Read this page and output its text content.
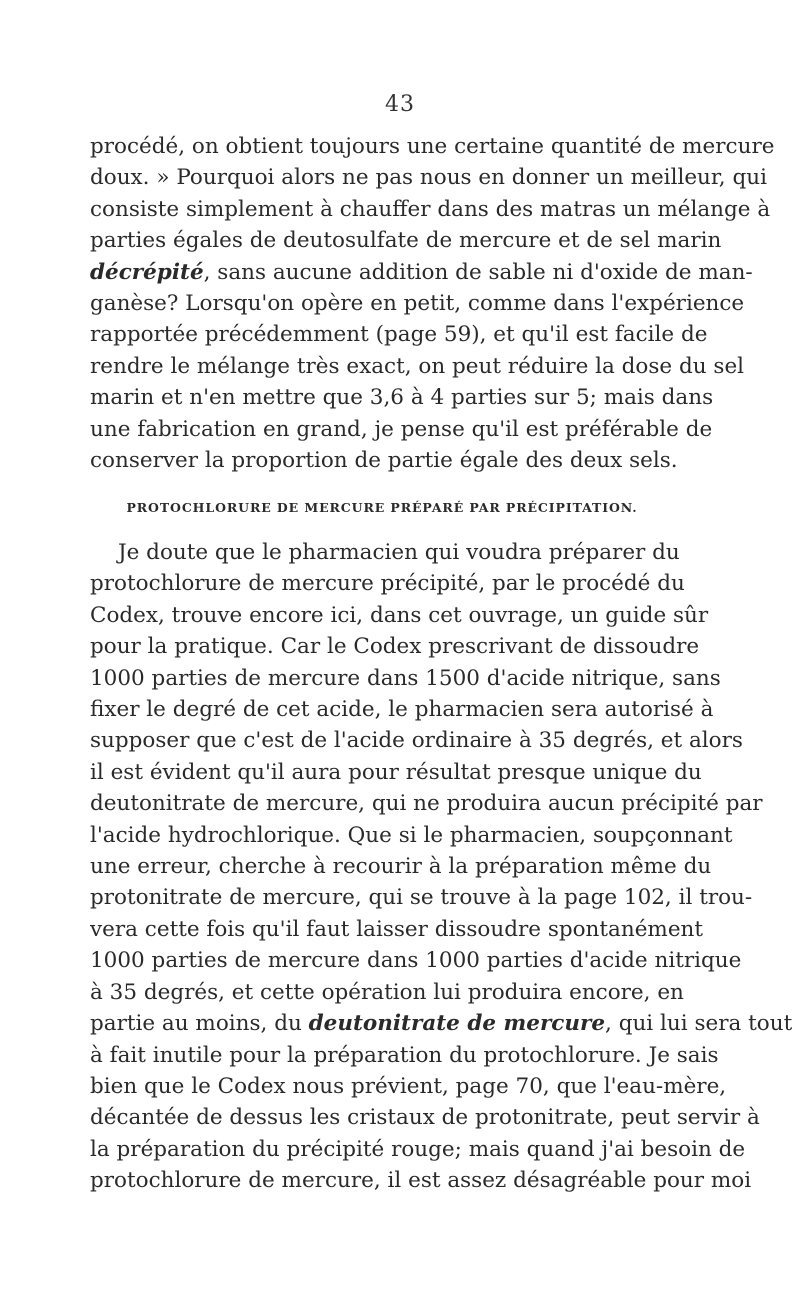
43
procédé, on obtient toujours une certaine quantité de mercure
doux. » Pourquoi alors ne pas nous en donner un meilleur, qui
consiste simplement à chauffer dans des matras un mélange à
parties égales de deutosulfate de mercure et de sel marin
décrépité, sans aucune addition de sable ni d'oxide de man-
ganèse? Lorsqu'on opère en petit, comme dans l'expérience
rapportée précédemment (page 59), et qu'il est facile de
rendre le mélange très exact, on peut réduire la dose du sel
marin et n'en mettre que 3,6 à 4 parties sur 5; mais dans
une fabrication en grand, je pense qu'il est préférable de
conserver la proportion de partie égale des deux sels.
PROTOCHLORURE DE MERCURE PRÉPARÉ PAR PRÉCIPITATION.
Je doute que le pharmacien qui voudra préparer du
protochlorure de mercure précipité, par le procédé du
Codex, trouve encore ici, dans cet ouvrage, un guide sûr
pour la pratique. Car le Codex prescrivant de dissoudre
1000 parties de mercure dans 1500 d'acide nitrique, sans
fixer le degré de cet acide, le pharmacien sera autorisé à
supposer que c'est de l'acide ordinaire à 35 degrés, et alors
il est évident qu'il aura pour résultat presque unique du
deutonitrate de mercure, qui ne produira aucun précipité par
l'acide hydrochlorique. Que si le pharmacien, soupçonnant
une erreur, cherche à recourir à la préparation même du
protonitrate de mercure, qui se trouve à la page 102, il trou-
vera cette fois qu'il faut laisser dissoudre spontanément
1000 parties de mercure dans 1000 parties d'acide nitrique
à 35 degrés, et cette opération lui produira encore, en
partie au moins, du deutonitrate de mercure, qui lui sera tout
à fait inutile pour la préparation du protochlorure. Je sais
bien que le Codex nous prévient, page 70, que l'eau-mère,
décantée de dessus les cristaux de protonitrate, peut servir à
la préparation du précipité rouge; mais quand j'ai besoin de
protochlorure de mercure, il est assez désagréable pour moi
